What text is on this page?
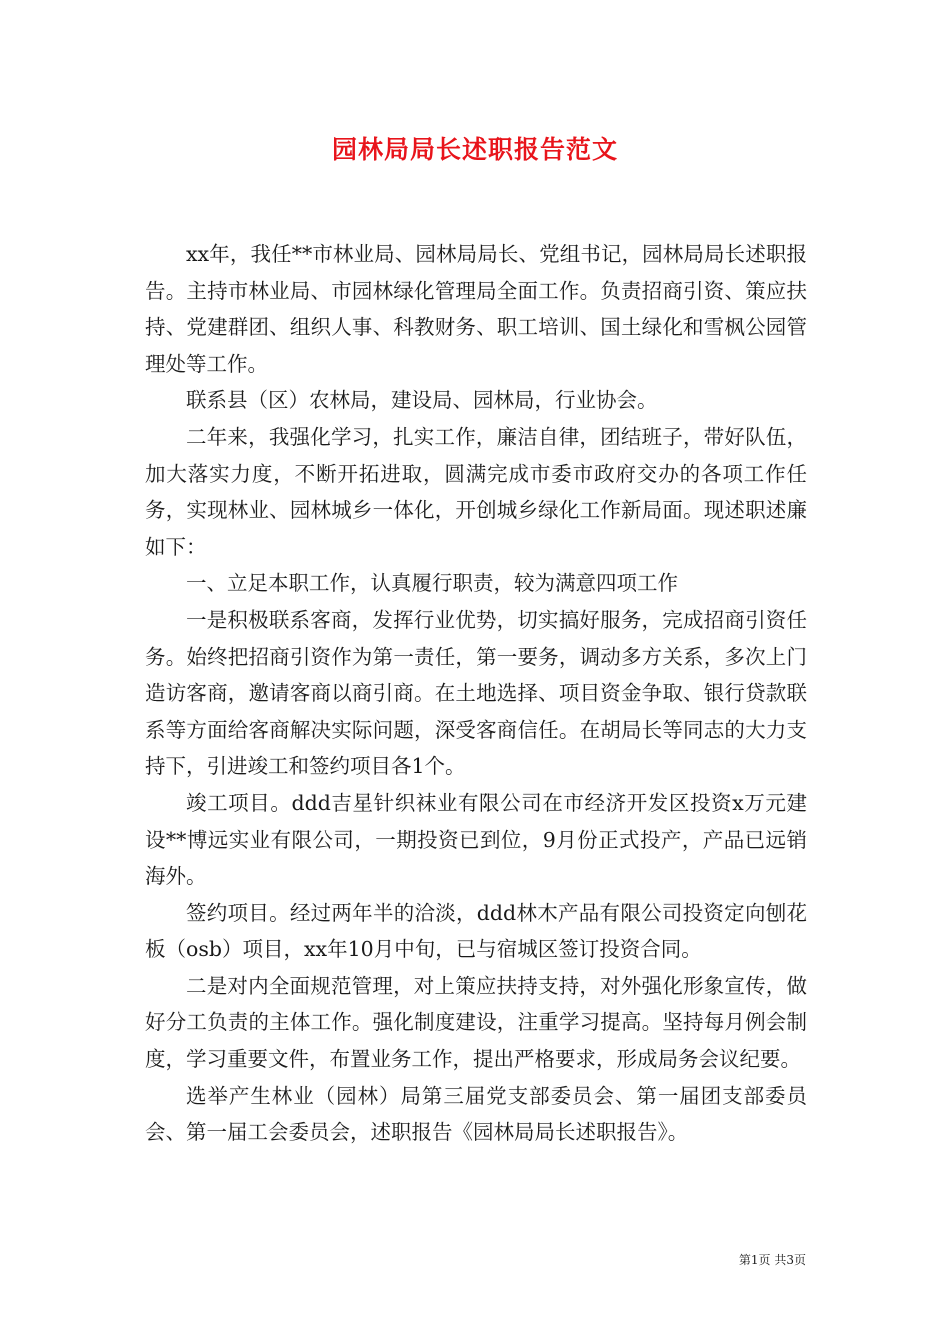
园林局局长述职报告范文

xx年，我任**市林业局、园林局局长、党组书记，园林局局长述职报告。主持市林业局、市园林绿化管理局全面工作。负责招商引资、策应扶持、党建群团、组织人事、科教财务、职工培训、国土绿化和雪枫公园管理处等工作。

联系县（区）农林局，建设局、园林局，行业协会。

二年来，我强化学习，扎实工作，廉洁自律，团结班子，带好队伍，加大落实力度，不断开拓进取，圆满完成市委市政府交办的各项工作任务，实现林业、园林城乡一体化，开创城乡绿化工作新局面。现述职述廉如下：

一、立足本职工作，认真履行职责，较为满意四项工作

一是积极联系客商，发挥行业优势，切实搞好服务，完成招商引资任务。始终把招商引资作为第一责任，第一要务，调动多方关系，多次上门造访客商，邀请客商以商引商。在土地选择、项目资金争取、银行贷款联系等方面给客商解决实际问题，深受客商信任。在胡局长等同志的大力支持下，引进竣工和签约项目各1个。

竣工项目。ddd吉星针织袜业有限公司在市经济开发区投资x万元建设**博远实业有限公司，一期投资已到位，9月份正式投产，产品已远销海外。

签约项目。经过两年半的洽淡，ddd林木产品有限公司投资定向刨花板（osb）项目，xx年10月中旬，已与宿城区签订投资合同。

二是对内全面规范管理，对上策应扶持支持，对外强化形象宣传，做好分工负责的主体工作。强化制度建设，注重学习提高。坚持每月例会制度，学习重要文件，布置业务工作，提出严格要求，形成局务会议纪要。

选举产生林业（园林）局第三届党支部委员会、第一届团支部委员会、第一届工会委员会，述职报告《园林局局长述职报告》。

第1页 共3页
